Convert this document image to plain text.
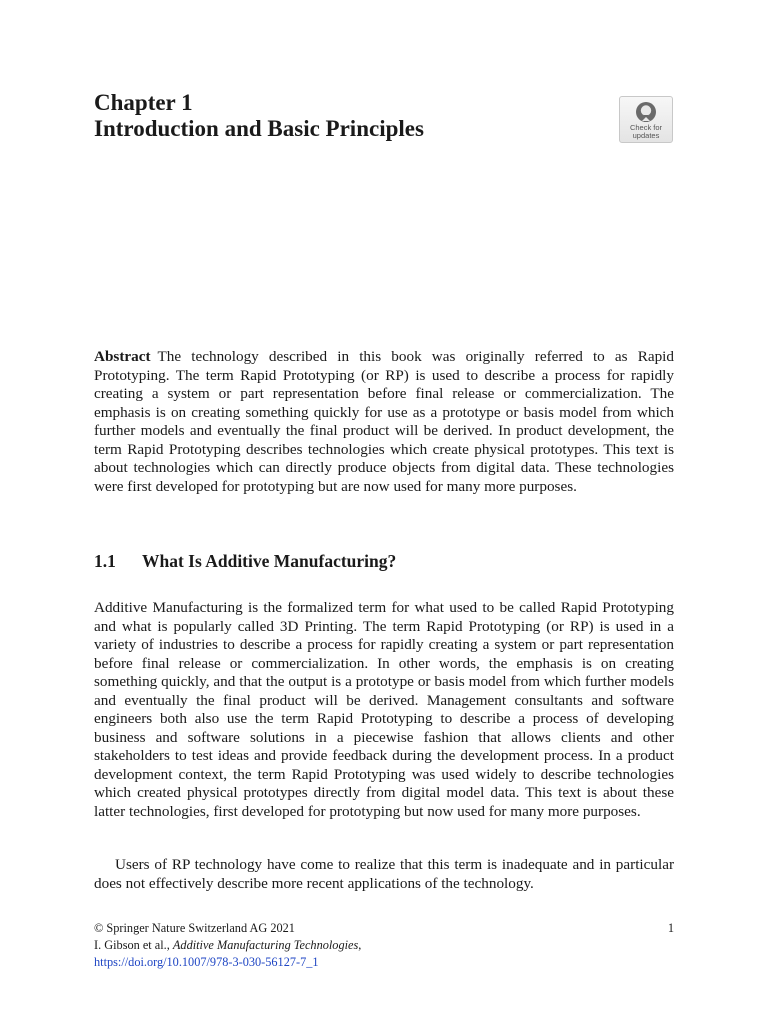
Chapter 1
Introduction and Basic Principles	Check for
updates

Abstract The technology described in this book was originally referred to as Rapid Prototyping. The term Rapid Prototyping (or RP) is used to describe a process for rapidly creating a system or part representation before final release or commercialization. The emphasis is on creating something quickly for use as a prototype or basis model from which further models and eventually the final product will be derived. In product development, the term Rapid Prototyping describes technologies which create physical prototypes. This text is about technologies which can directly produce objects from digital data. These technologies were first developed for prototyping but are now used for many more purposes.

1.1 What Is Additive Manufacturing?

Additive Manufacturing is the formalized term for what used to be called Rapid Prototyping and what is popularly called 3D Printing. The term Rapid Prototyping (or RP) is used in a variety of industries to describe a process for rapidly creating a system or part representation before final release or commercialization. In other words, the emphasis is on creating something quickly, and that the output is a prototype or basis model from which further models and eventually the final product will be derived. Management consultants and software engineers both also use the term Rapid Prototyping to describe a process of developing business and software solutions in a piecewise fashion that allows clients and other stakeholders to test ideas and provide feedback during the development process. In a product development context, the term Rapid Prototyping was used widely to describe technologies which created physical prototypes directly from digital model data. This text is about these latter technologies, first developed for prototyping but now used for many more purposes.

Users of RP technology have come to realize that this term is inadequate and in particular does not effectively describe more recent applications of the technology.

© Springer Nature Switzerland AG 2021
I. Gibson et al., Additive Manufacturing Technologies,
https://doi.org/10.1007/978-3-030-56127-7_1
1
